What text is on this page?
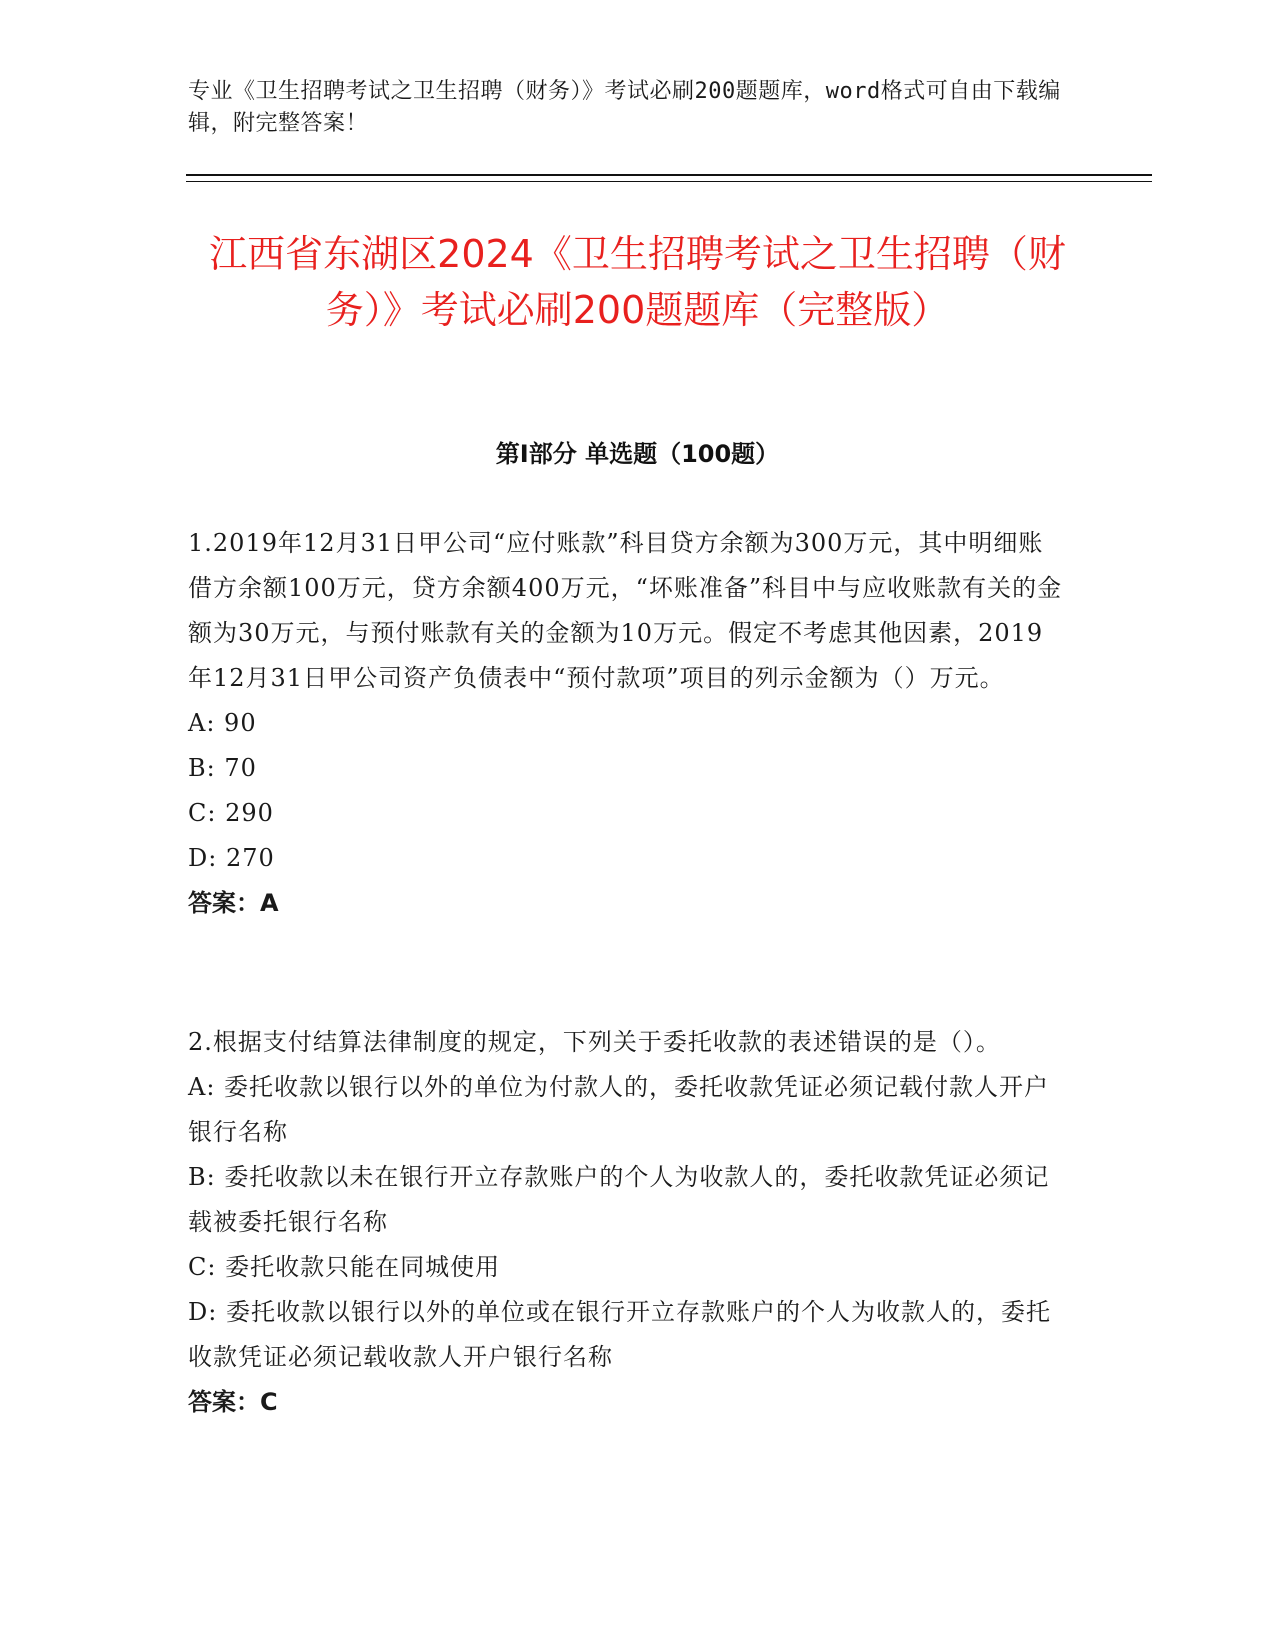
专业《卫生招聘考试之卫生招聘（财务）》考试必刷200题题库，word格式可自由下载编辑，附完整答案！
江西省东湖区2024《卫生招聘考试之卫生招聘（财务）》考试必刷200题题库（完整版）
第I部分 单选题（100题）
1.2019年12月31日甲公司“应付账款”科目贷方余额为300万元，其中明细账借方余额100万元，贷方余额400万元，“坏账准备”科目中与应收账款有关的金额为30万元，与预付账款有关的金额为10万元。假定不考虑其他因素，2019年12月31日甲公司资产负债表中“预付款项”项目的列示金额为（）万元。
A: 90
B: 70
C: 290
D: 270
答案：A
2.根据支付结算法律制度的规定，下列关于委托收款的表述错误的是（）。
A: 委托收款以银行以外的单位为付款人的，委托收款凭证必须记载付款人开户银行名称
B: 委托收款以未在银行开立存款账户的个人为收款人的，委托收款凭证必须记载被委托银行名称
C: 委托收款只能在同城使用
D: 委托收款以银行以外的单位或在银行开立存款账户的个人为收款人的，委托收款凭证必须记载收款人开户银行名称
答案：C
